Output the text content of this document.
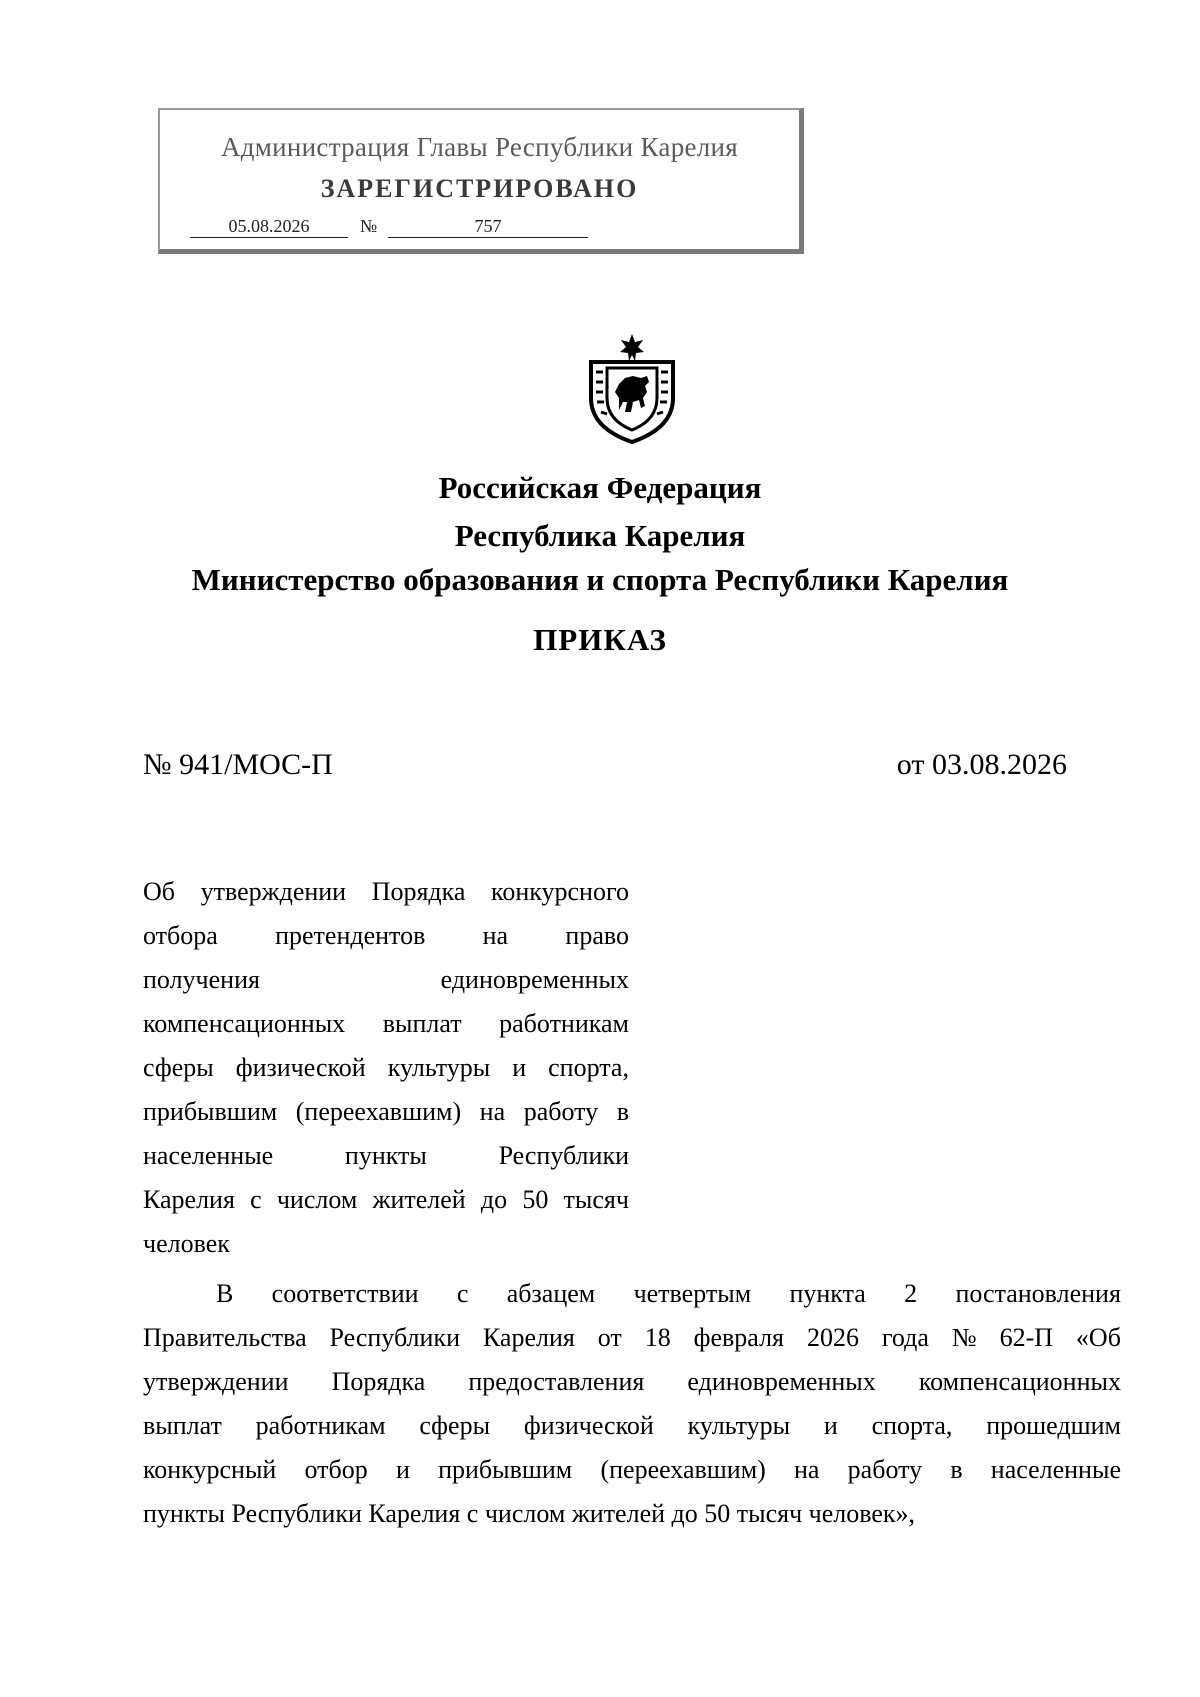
Администрация Главы Республики Карелия
ЗАРЕГИСТРИРОВАНО
05.08.2026	№	757
Российская Федерация
Республика Карелия
Министерство образования и спорта Республики Карелия
ПРИКАЗ
№ 941/МОС-П	от 03.08.2026
Об утверждении Порядка конкурсного
отбора претендентов на право
получения	единовременных
компенсационных выплат работникам
сферы физической культуры и спорта,
прибывшим (переехавшим) на работу в
населенные	пункты	Республики
Карелия с числом жителей до 50 тысяч
человек
В соответствии с абзацем четвертым пункта 2 постановления
Правительства Республики Карелия от 18 февраля 2026 года № 62-П «Об
утверждении Порядка предоставления единовременных компенсационных
выплат работникам сферы физической культуры и спорта, прошедшим
конкурсный отбор и прибывшим (переехавшим) на работу в населенные
пункты Республики Карелия с числом жителей до 50 тысяч человек»,
